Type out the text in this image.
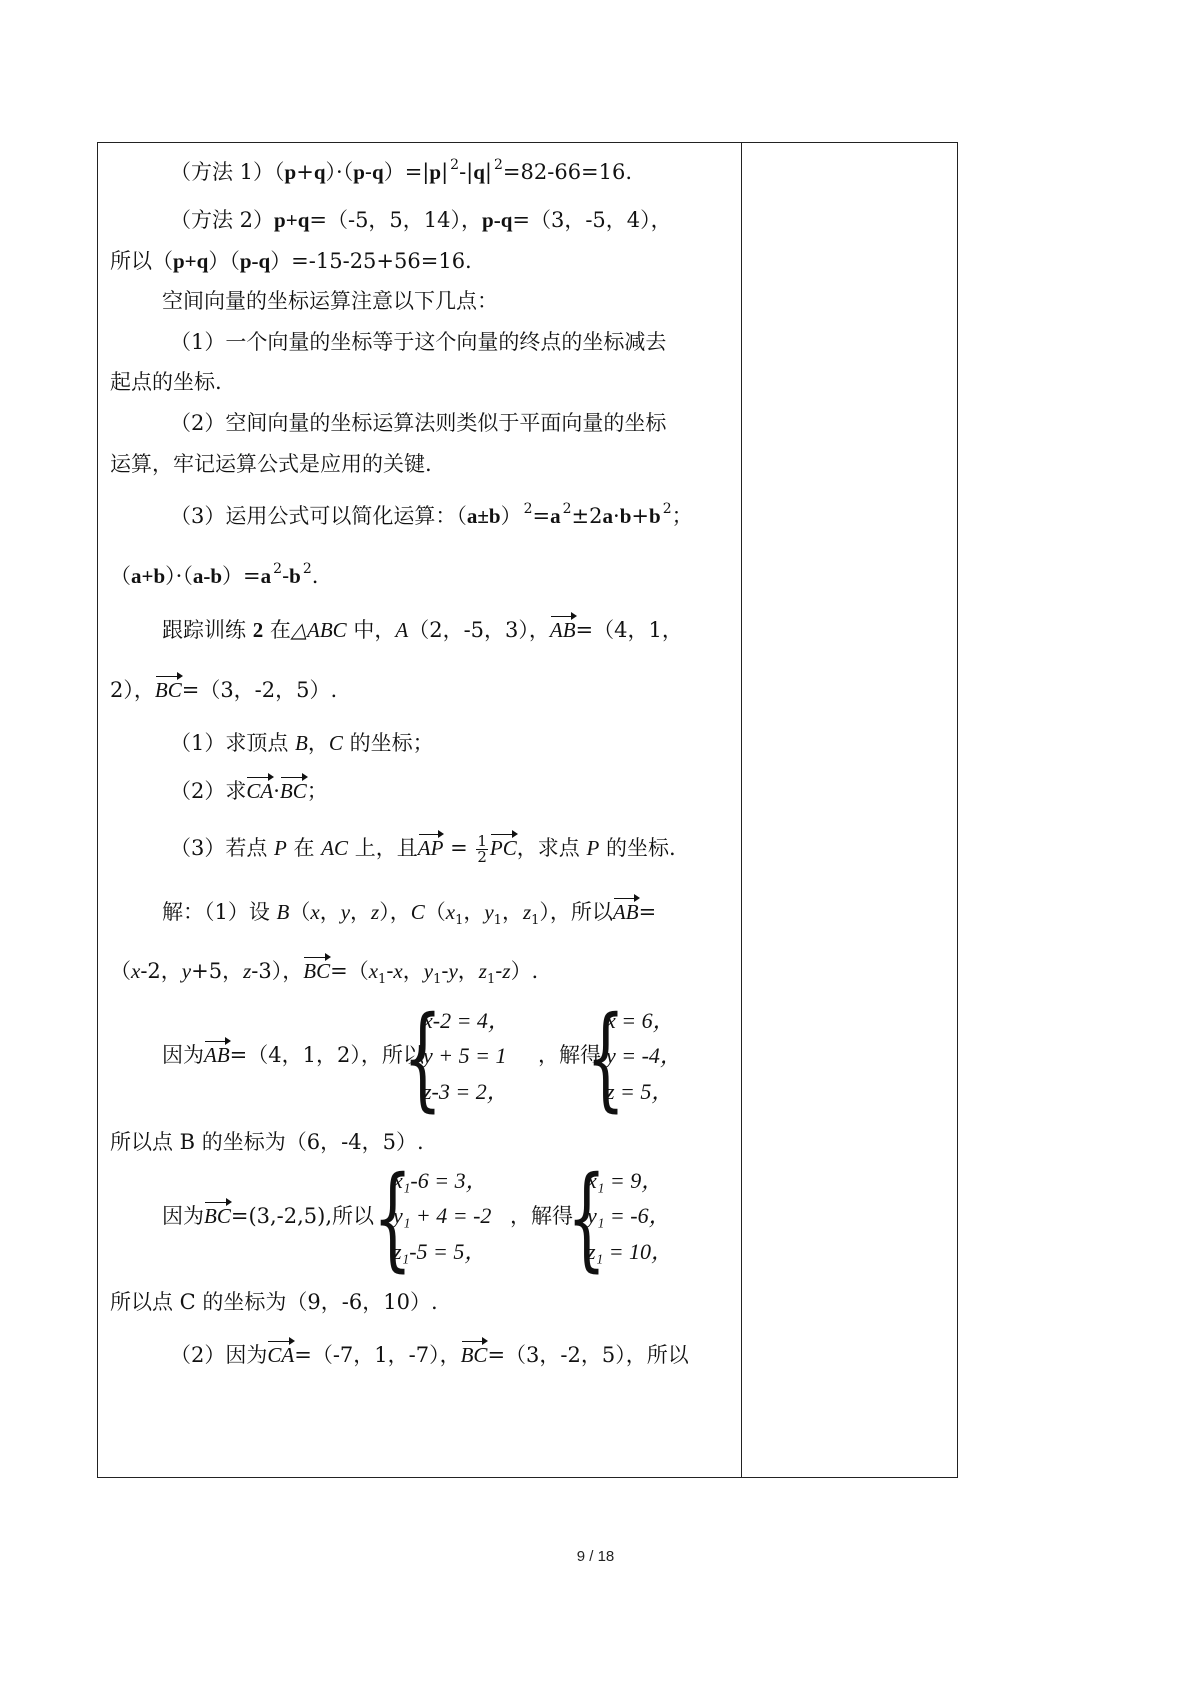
（方法 1）（p+q）·（p-q）=|p| $^2$-|q| $^2$=82-66=16.
（方法 2）p+q=（-5，5，14），p-q=（3，-5，4），
所以（p+q）（p-q）=-15-25+56=16.
空间向量的坐标运算注意以下几点：
（1）一个向量的坐标等于这个向量的终点的坐标减去
起点的坐标.
（2）空间向量的坐标运算法则类似于平面向量的坐标
运算，牢记运算公式是应用的关键.
（3）运用公式可以简化运算：（a±b） $^2$=a $^2$±2a·b+b $^2$；
（a+b）·（a-b）=a $^2$-b $^2$.
跟踪训练 2 在△ABC 中，A（2，-5，3），AB=（4，1，
2），BC=（3，-2，5）.
（1）求顶点 B，C 的坐标；
（2）求CA·BC；
（3）若点 P 在 AC 上，且AP = $\frac{1}{2}$ PC，求点 P 的坐标.
解：（1）设 B（x，y，z），$C(x_1$，$y_1$，$z_1$），所以AB=
（x-2，y+5，z-3），$BC=(x_1-x$，$y_1-y$，$z_1-z$）.
因为AB=（4，1，2），所以
{
x-2 = 4，
y + 5 = 1
z-3 = 2，
，解得
{
x = 6，
y = -4，
z = 5，
所以点 B 的坐标为（6，-4，5）.
因为BC=(3,-2,5),所以
{
x₁-6 = 3，
y₁ + 4 = -2
z₁-5 = 5，
，解得
{
x₁ = 9，
y₁ = -6，
z₁ = 10，
所以点 C 的坐标为（9，-6，10）.
（2）因为CA=（-7，1，-7），BC=（3，-2，5），所以
9 / 18
